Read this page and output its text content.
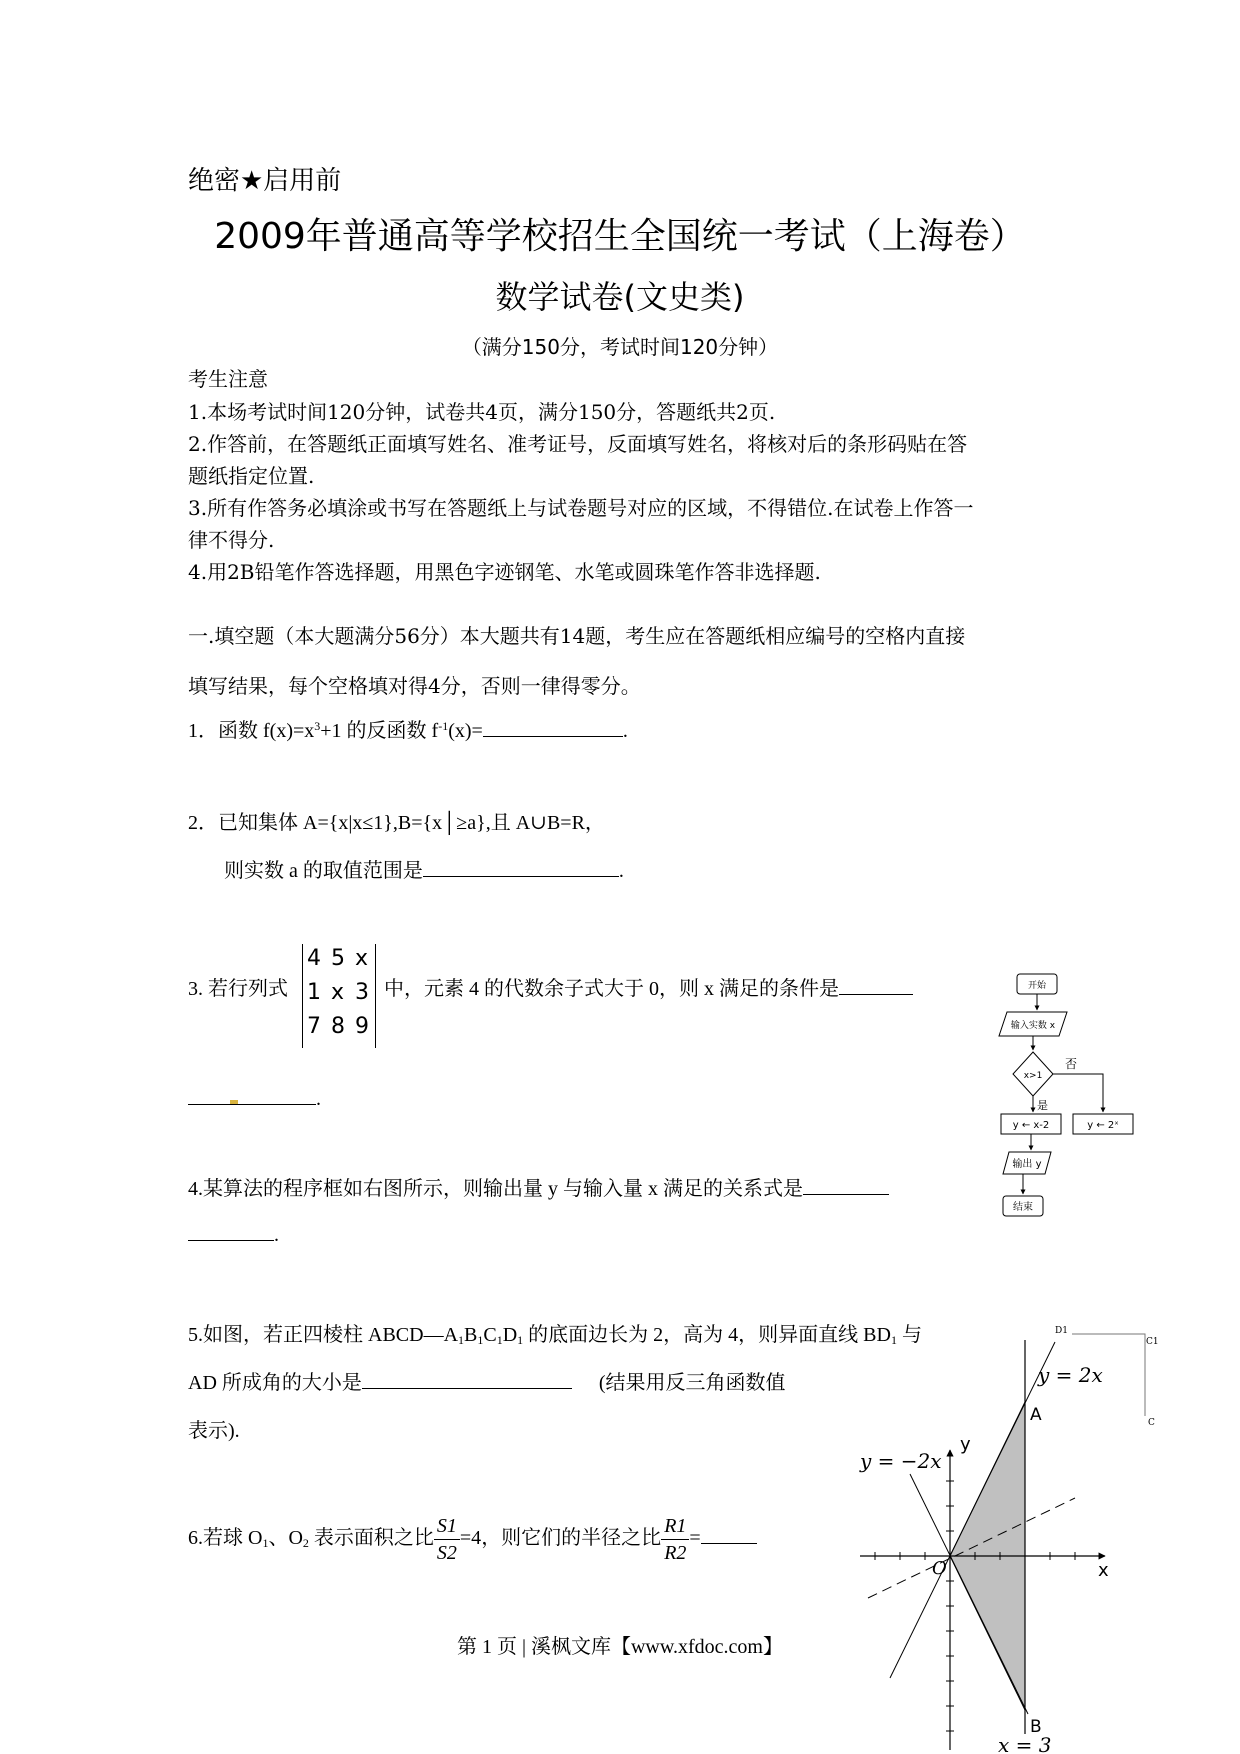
绝密★启用前
2009年普通高等学校招生全国统一考试（上海卷）
数学试卷(文史类)
（满分150分，考试时间120分钟）
考生注意
1.本场考试时间120分钟，试卷共4页，满分150分，答题纸共2页.
2.作答前，在答题纸正面填写姓名、准考证号，反面填写姓名，将核对后的条形码贴在答
题纸指定位置.
3.所有作答务必填涂或书写在答题纸上与试卷题号对应的区域，不得错位.在试卷上作答一
律不得分.
4.用2B铅笔作答选择题，用黑色字迹钢笔、水笔或圆珠笔作答非选择题.
一.填空题（本大题满分56分）本大题共有14题，考生应在答题纸相应编号的空格内直接
填写结果，每个空格填对得4分，否则一律得零分。
1．函数 $f(x)=x^3+1$ 的反函数 $f^{-1}(x)=$	.
2．已知集体 A={x|x≤1},B={x│≥a},且 A∪B=R，
则实数 a 的取值范围是	.
3. 若行列式
4 5 x
1 x 3
7 8 9
中，元素 4 的代数余子式大于 0，则 x 满足的条件是
.
4.某算法的程序框如右图所示，则输出量 y 与输入量 x 满足的关系式是
.
开始
输入实数 x
x>1
否
是
y ← x-2	y ← 2ˣ
输出 y
结束
5.如图，若正四棱柱 $ABCD—A_1B_1C_1D_1$ 的底面边长为 2，高为 4，则异面直线 $BD_1$ 与
AD 所成角的大小是	(结果用反三角函数值
表示).
6.若球 $O_1$、$O_2$ 表示面积之比 $\frac{S1}{S2} =4$，则它们的半径之比 $\frac{R1}{R2}$ =
D1
C1
C
y = 2x
y = −2x
y
x
O
A
B
x = 3
第 1 页 | 溪枫文库【www.xfdoc.com】
